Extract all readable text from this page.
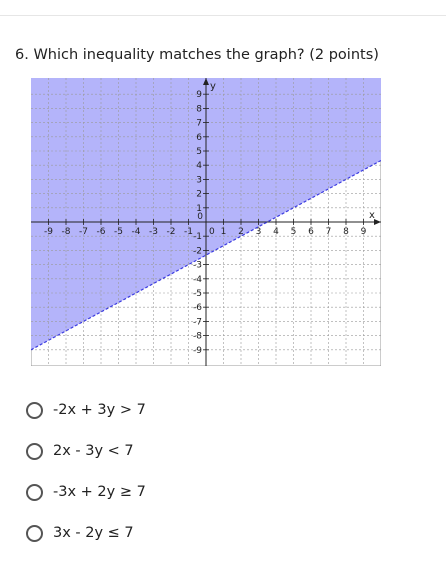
6. Which inequality matches the graph? (2 points)
-9 -8 -7 -6 -5 -4 -3 -2 -1 0 1 2 3 4 5 6 7 8 9
9
8
7
6
5
4
3
2
1
0
-1
-2
-3
-4
-5
-6
-7
-8
-9
x
y
-2x + 3y > 7
2x - 3y < 7
-3x + 2y ≥ 7
3x - 2y ≤ 7
